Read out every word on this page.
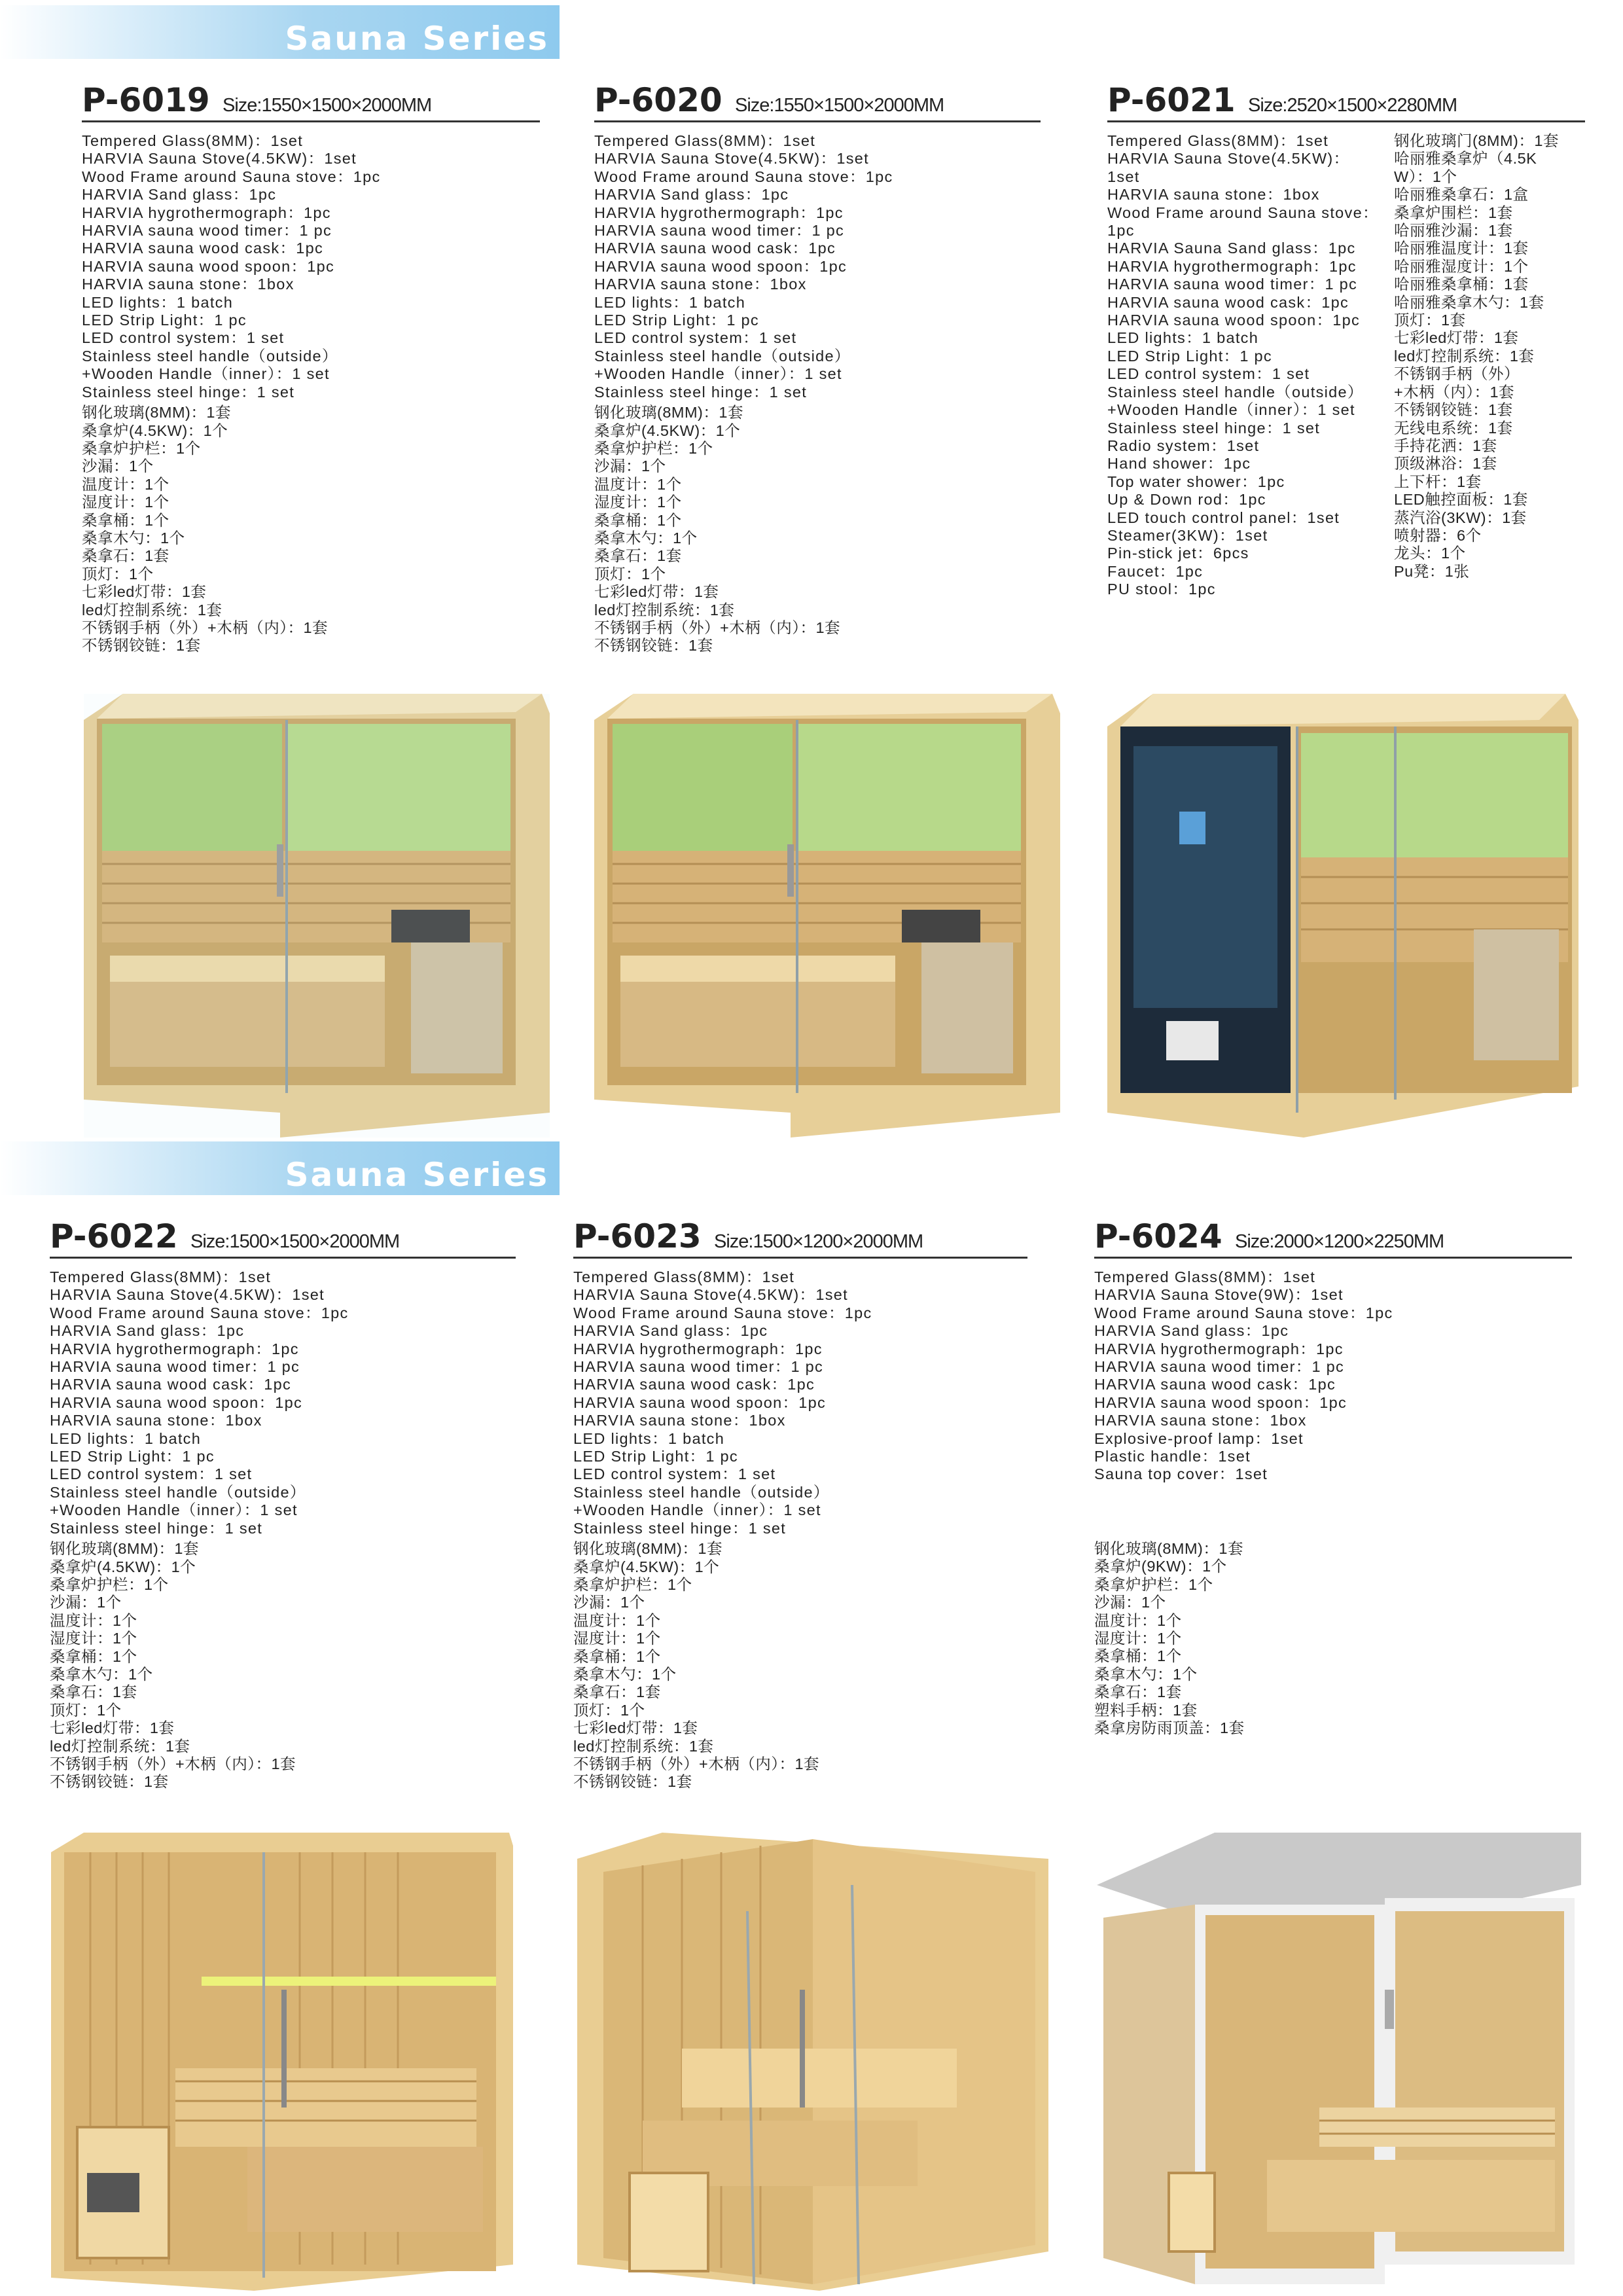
Sauna Series
Sauna Series
P-6019 Size:1550×1500×2000MM
Tempered Glass(8MM)：1set
HARVIA Sauna Stove(4.5KW)：1set
Wood Frame around Sauna stove：1pc
HARVIA Sand glass：1pc
HARVIA hygrothermograph：1pc
HARVIA sauna wood timer：1 pc
HARVIA sauna wood cask：1pc
HARVIA sauna wood spoon：1pc
HARVIA sauna stone：1box
LED lights：1 batch
LED Strip Light：1 pc
LED control system：1 set
Stainless steel handle（outside）
+Wooden Handle（inner）：1 set
Stainless steel hinge：1 set
钢化玻璃(8MM)：1套
桑拿炉(4.5KW)：1个
桑拿炉护栏：1个
沙漏：1个
温度计：1个
湿度计：1个
桑拿桶：1个
桑拿木勺：1个
桑拿石：1套
顶灯：1个
七彩led灯带：1套
led灯控制系统：1套
不锈钢手柄（外）+木柄（内）：1套
不锈钢铰链：1套
P-6020 Size:1550×1500×2000MM
Tempered Glass(8MM)：1set
HARVIA Sauna Stove(4.5KW)：1set
Wood Frame around Sauna stove：1pc
HARVIA Sand glass：1pc
HARVIA hygrothermograph：1pc
HARVIA sauna wood timer：1 pc
HARVIA sauna wood cask：1pc
HARVIA sauna wood spoon：1pc
HARVIA sauna stone：1box
LED lights：1 batch
LED Strip Light：1 pc
LED control system：1 set
Stainless steel handle（outside）
+Wooden Handle（inner）：1 set
Stainless steel hinge：1 set
钢化玻璃(8MM)：1套
桑拿炉(4.5KW)：1个
桑拿炉护栏：1个
沙漏：1个
温度计：1个
湿度计：1个
桑拿桶：1个
桑拿木勺：1个
桑拿石：1套
顶灯：1个
七彩led灯带：1套
led灯控制系统：1套
不锈钢手柄（外）+木柄（内）：1套
不锈钢铰链：1套
P-6021 Size:2520×1500×2280MM
Tempered Glass(8MM)：1set
HARVIA Sauna Stove(4.5KW)：
1set
HARVIA sauna stone：1box
Wood Frame around Sauna stove：
1pc
HARVIA Sauna Sand glass：1pc
HARVIA hygrothermograph：1pc
HARVIA sauna wood timer：1 pc
HARVIA sauna wood cask：1pc
HARVIA sauna wood spoon：1pc
LED lights：1 batch
LED Strip Light：1 pc
LED control system：1 set
Stainless steel handle（outside）
+Wooden Handle（inner）：1 set
Stainless steel hinge：1 set
Radio system：1set
Hand shower：1pc
Top water shower：1pc
Up & Down rod：1pc
LED touch control panel：1set
Steamer(3KW)：1set
Pin-stick jet：6pcs
Faucet：1pc
PU stool：1pc
钢化玻璃门(8MM)：1套
哈丽雅桑拿炉（4.5K
W）：1个
哈丽雅桑拿石：1盒
桑拿炉围栏：1套
哈丽雅沙漏：1套
哈丽雅温度计：1套
哈丽雅湿度计：1个
哈丽雅桑拿桶：1套
哈丽雅桑拿木勺：1套
顶灯：1套
七彩led灯带：1套
led灯控制系统：1套
不锈钢手柄（外）
+木柄（内）：1套
不锈钢铰链：1套
无线电系统：1套
手持花洒：1套
顶级淋浴：1套
上下杆：1套
LED触控面板：1套
蒸汽浴(3KW)：1套
喷射器：6个
龙头：1个
Pu凳：1张
P-6022 Size:1500×1500×2000MM
Tempered Glass(8MM)：1set
HARVIA Sauna Stove(4.5KW)：1set
Wood Frame around Sauna stove：1pc
HARVIA Sand glass：1pc
HARVIA hygrothermograph：1pc
HARVIA sauna wood timer：1 pc
HARVIA sauna wood cask：1pc
HARVIA sauna wood spoon：1pc
HARVIA sauna stone：1box
LED lights：1 batch
LED Strip Light：1 pc
LED control system：1 set
Stainless steel handle（outside）
+Wooden Handle（inner）：1 set
Stainless steel hinge：1 set
钢化玻璃(8MM)：1套
桑拿炉(4.5KW)：1个
桑拿炉护栏：1个
沙漏：1个
温度计：1个
湿度计：1个
桑拿桶：1个
桑拿木勺：1个
桑拿石：1套
顶灯：1个
七彩led灯带：1套
led灯控制系统：1套
不锈钢手柄（外）+木柄（内）：1套
不锈钢铰链：1套
P-6023 Size:1500×1200×2000MM
Tempered Glass(8MM)：1set
HARVIA Sauna Stove(4.5KW)：1set
Wood Frame around Sauna stove：1pc
HARVIA Sand glass：1pc
HARVIA hygrothermograph：1pc
HARVIA sauna wood timer：1 pc
HARVIA sauna wood cask：1pc
HARVIA sauna wood spoon：1pc
HARVIA sauna stone：1box
LED lights：1 batch
LED Strip Light：1 pc
LED control system：1 set
Stainless steel handle（outside）
+Wooden Handle（inner）：1 set
Stainless steel hinge：1 set
钢化玻璃(8MM)：1套
桑拿炉(4.5KW)：1个
桑拿炉护栏：1个
沙漏：1个
温度计：1个
湿度计：1个
桑拿桶：1个
桑拿木勺：1个
桑拿石：1套
顶灯：1个
七彩led灯带：1套
led灯控制系统：1套
不锈钢手柄（外）+木柄（内）：1套
不锈钢铰链：1套
P-6024 Size:2000×1200×2250MM
Tempered Glass(8MM)：1set
HARVIA Sauna Stove(9W)：1set
Wood Frame around Sauna stove：1pc
HARVIA Sand glass：1pc
HARVIA hygrothermograph：1pc
HARVIA sauna wood timer：1 pc
HARVIA sauna wood cask：1pc
HARVIA sauna wood spoon：1pc
HARVIA sauna stone：1box
Explosive-proof lamp：1set
Plastic handle：1set
Sauna top cover：1set
钢化玻璃(8MM)：1套
桑拿炉(9KW)：1个
桑拿炉护栏：1个
沙漏：1个
温度计：1个
湿度计：1个
桑拿桶：1个
桑拿木勺：1个
桑拿石：1套
塑料手柄：1套
桑拿房防雨顶盖：1套
